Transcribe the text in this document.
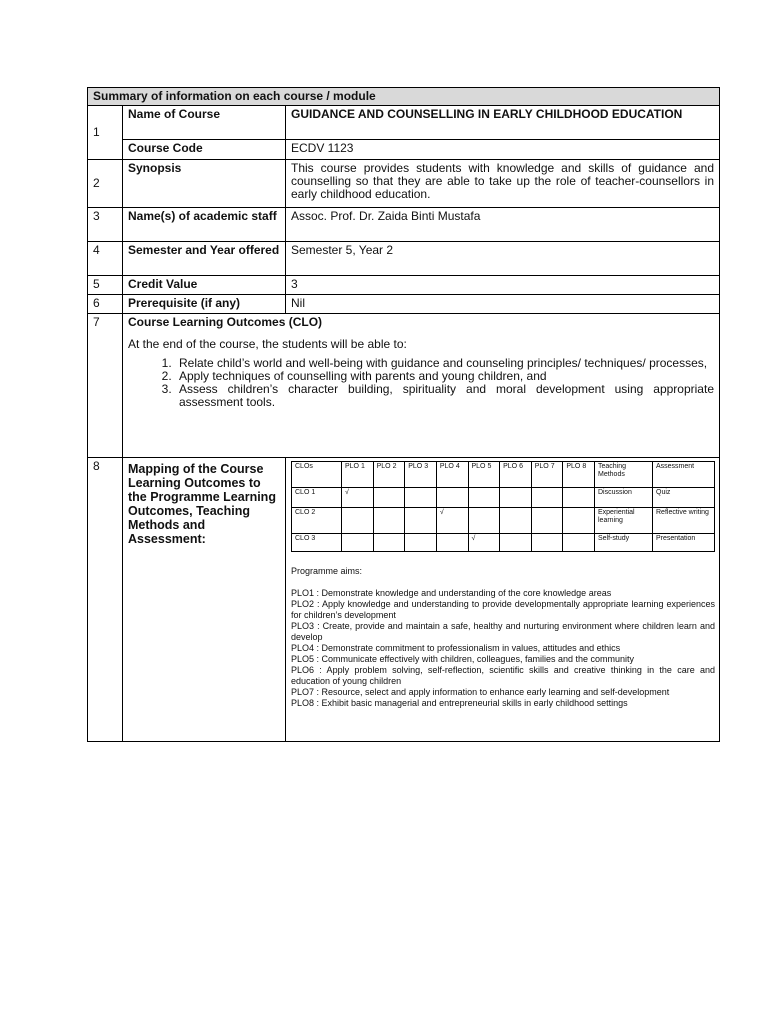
Summary of information on each course / module
1	Name of Course	GUIDANCE AND COUNSELLING IN EARLY CHILDHOOD EDUCATION
Course Code	ECDV 1123
2	Synopsis	This course provides students with knowledge and skills of guidance and counselling so that they are able to take up the role of teacher-counsellors in early childhood education.
3	Name(s) of academic staff	Assoc. Prof. Dr. Zaida Binti Mustafa
4	Semester and Year offered	Semester 5, Year 2
5	Credit Value	3
6	Prerequisite (if any)	Nil
7	Course Learning Outcomes (CLO)

At the end of the course, the students will be able to:

1. Relate child’s world and well-being with guidance and counseling principles/ techniques/ processes,
2. Apply techniques of counselling with parents and young children, and
3. Assess children’s character building, spirituality and moral development using appropriate assessment tools.

8	Mapping of the Course Learning Outcomes to the Programme Learning Outcomes, Teaching Methods and Assessment:	
CLOs	PLO 1	PLO 2	PLO 3	PLO 4	PLO 5	PLO 6	PLO 7	PLO 8	Teaching Methods	Assessment
CLO 1	√								Discussion	Quiz
CLO 2				√					Experiential learning	Reflective writing
CLO 3					√				Self-study	Presentation

Programme aims:

PLO1 : Demonstrate knowledge and understanding of the core knowledge areas

PLO2 : Apply knowledge and understanding to provide developmentally appropriate learning experiences for children’s development

PLO3 : Create, provide and maintain a safe, healthy and nurturing environment where children learn and develop

PLO4 : Demonstrate commitment to professionalism in values, attitudes and ethics

PLO5 : Communicate effectively with children, colleagues, families and the community

PLO6 : Apply problem solving, self-reflection, scientific skills and creative thinking in the care and education of young children

PLO7 : Resource, select and apply information to enhance early learning and self-development

PLO8 : Exhibit basic managerial and entrepreneurial skills in early childhood settings
